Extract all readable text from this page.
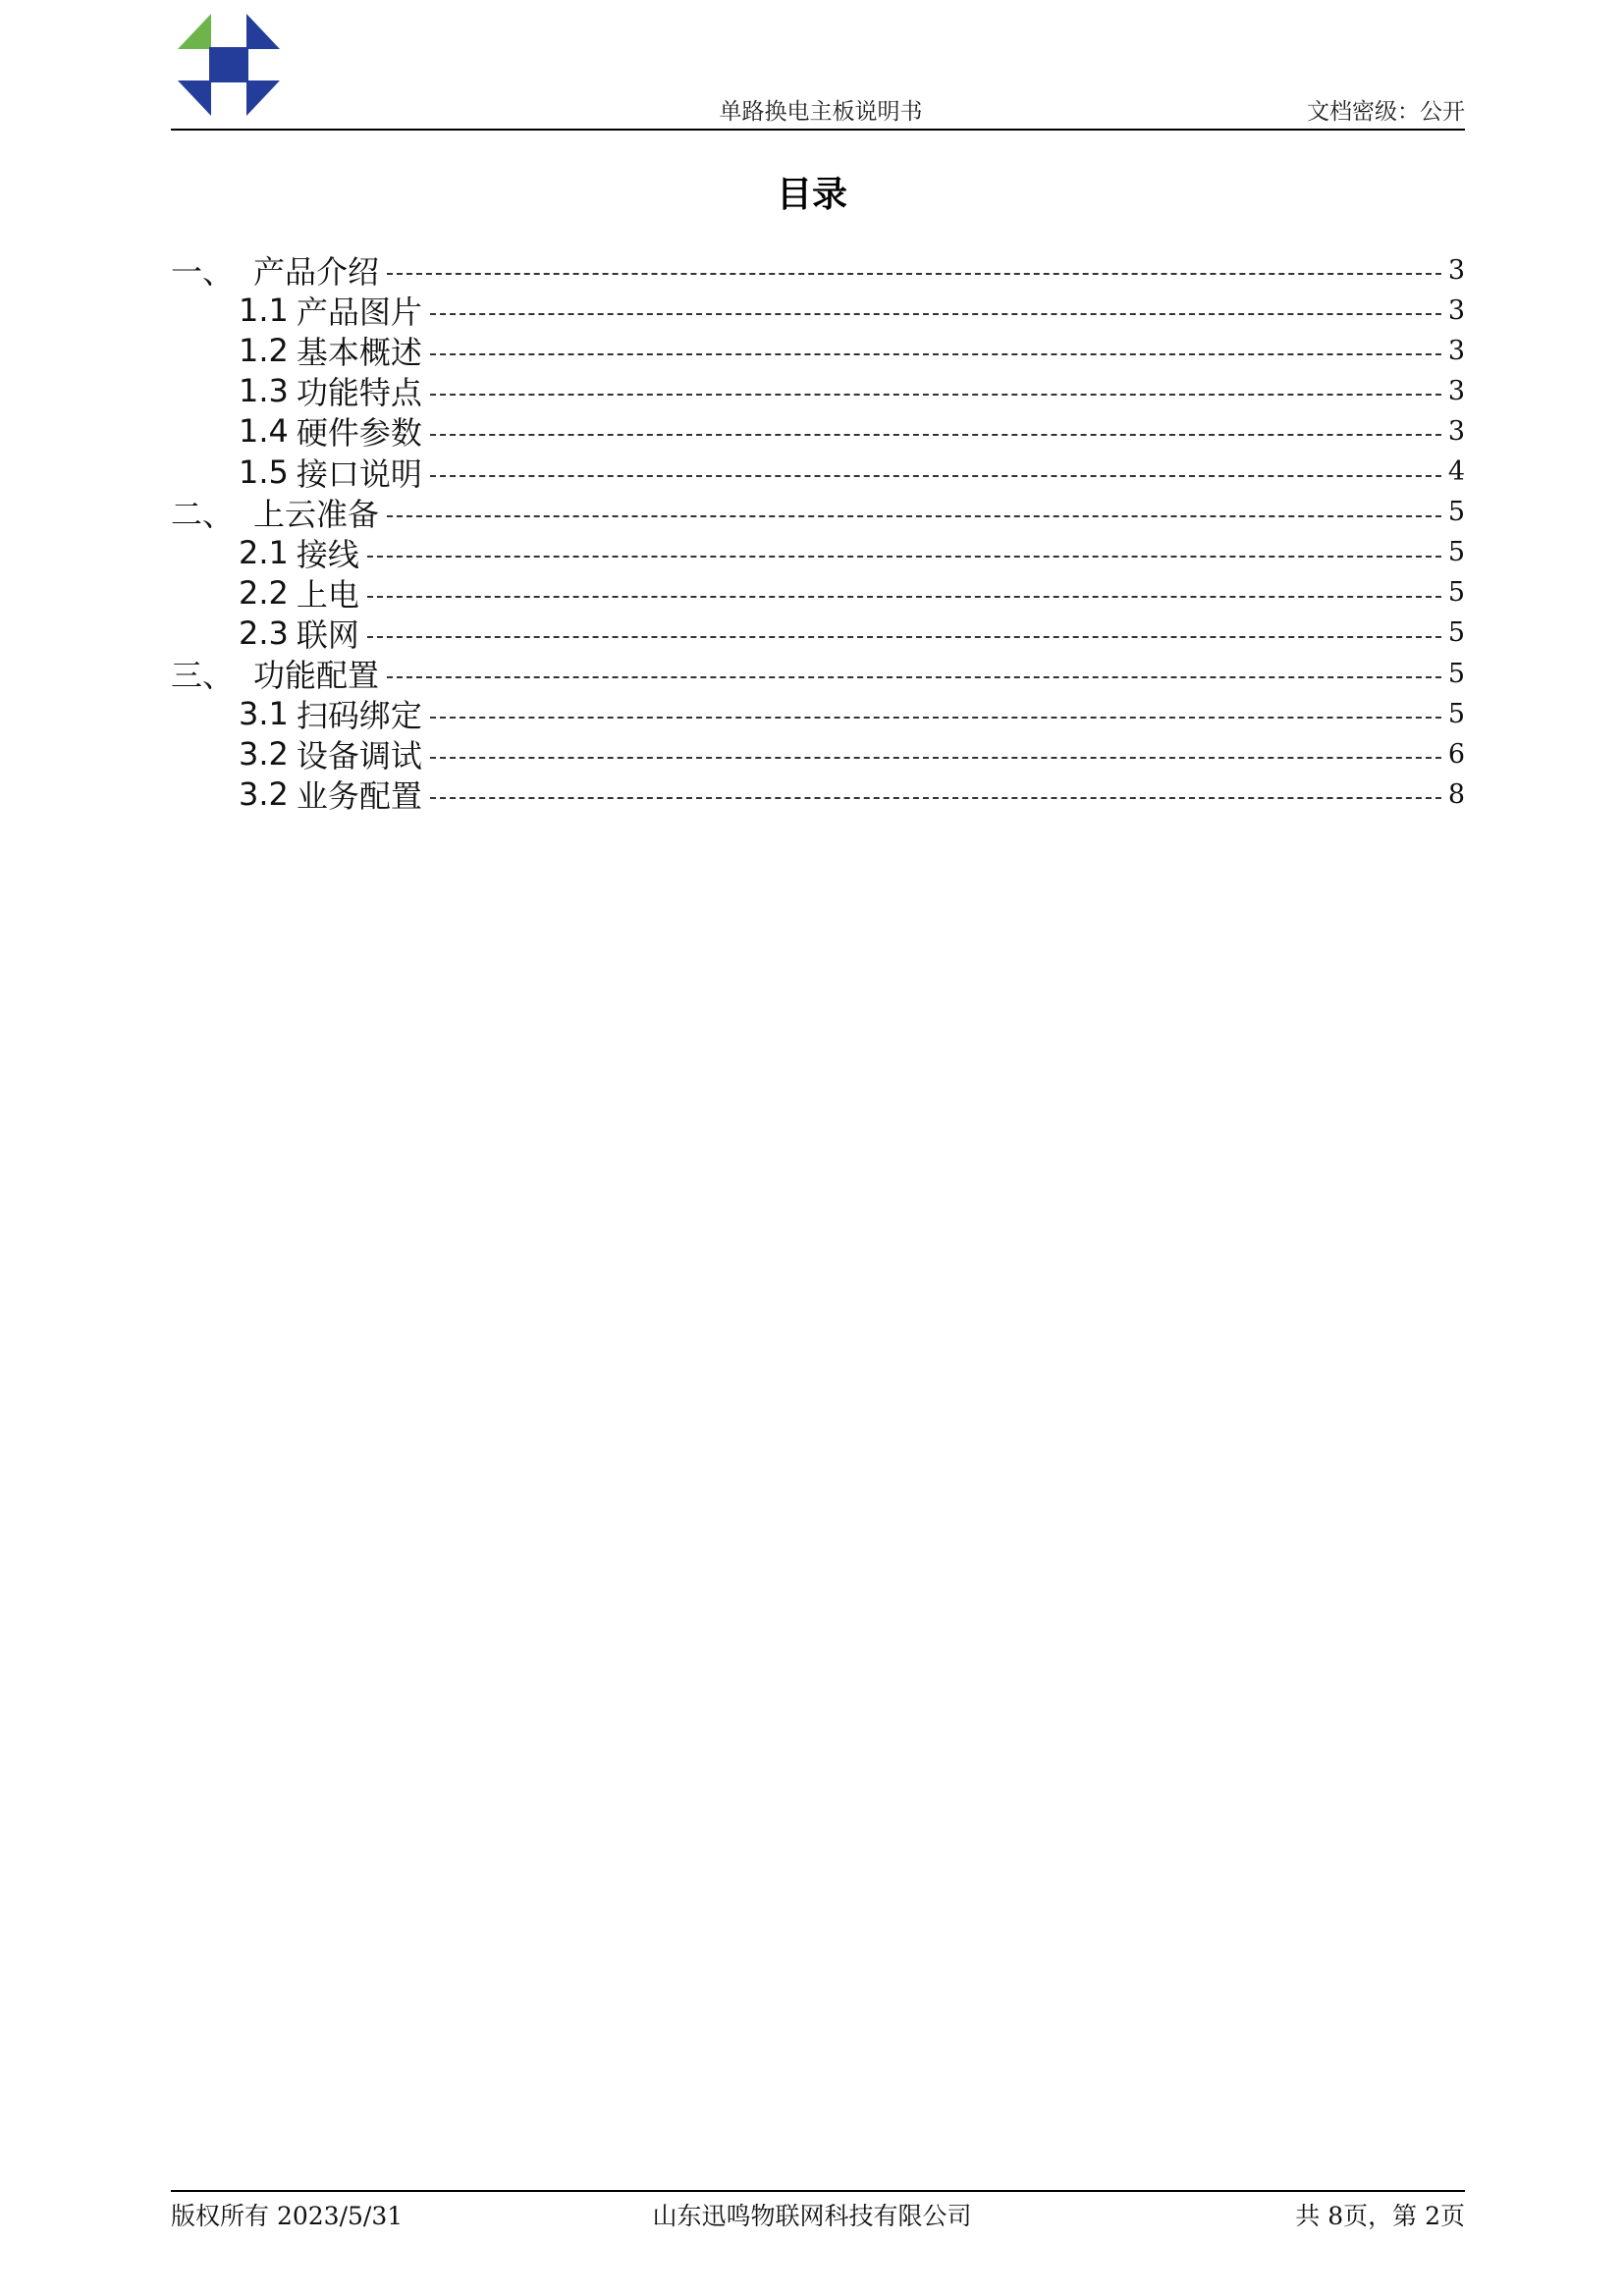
单路换电主板说明书	文档密级：公开
目录
一、 产品介绍	3
1.1 产品图片	3
1.2 基本概述	3
1.3 功能特点	3
1.4 硬件参数	3
1.5 接口说明	4
二、 上云准备	5
2.1 接线	5
2.2 上电	5
2.3 联网	5
三、 功能配置	5
3.1 扫码绑定	5
3.2 设备调试	6
3.2 业务配置	8
版权所有 2023/5/31	山东迅鸣物联网科技有限公司	共 8页，第 2页
